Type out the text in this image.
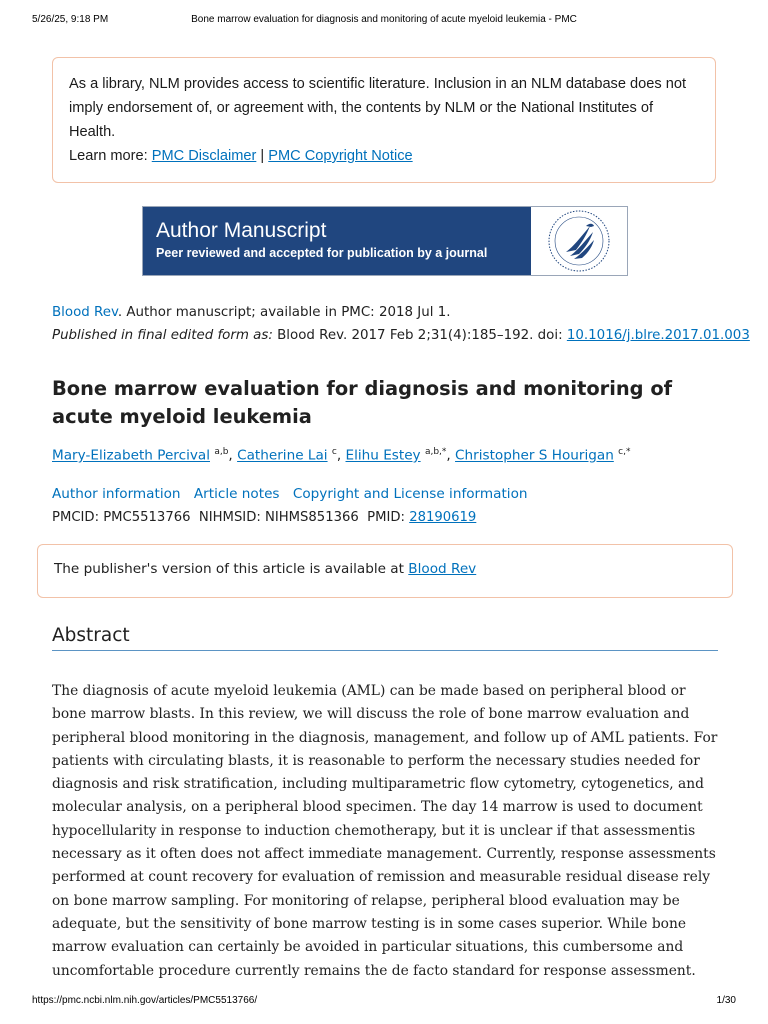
Bone marrow evaluation for diagnosis and monitoring of acute myeloid leukemia - PMC
5/26/25, 9:18 PM
As a library, NLM provides access to scientific literature. Inclusion in an NLM database does not imply endorsement of, or agreement with, the contents by NLM or the National Institutes of Health.
Learn more: PMC Disclaimer | PMC Copyright Notice
Author Manuscript
Peer reviewed and accepted for publication by a journal
Blood Rev. Author manuscript; available in PMC: 2018 Jul 1.
Published in final edited form as: Blood Rev. 2017 Feb 2;31(4):185–192. doi: 10.1016/j.blre.2017.01.003
Bone marrow evaluation for diagnosis and monitoring of acute myeloid leukemia
Mary-Elizabeth Percival $^{a,b}$, Catherine Lai $^c$, Elihu Estey $^{a,b,*}$, Christopher S Hourigan $^{c,*}$
Author information Article notes Copyright and License information
PMCID: PMC5513766 NIHMSID: NIHMS851366 PMID: 28190619
The publisher's version of this article is available at Blood Rev
Abstract

The diagnosis of acute myeloid leukemia (AML) can be made based on peripheral blood or bone marrow blasts. In this review, we will discuss the role of bone marrow evaluation and peripheral blood monitoring in the diagnosis, management, and follow up of AML patients. For patients with circulating blasts, it is reasonable to perform the necessary studies needed for diagnosis and risk stratification, including multiparametric flow cytometry, cytogenetics, and molecular analysis, on a peripheral blood specimen. The day 14 marrow is used to document hypocellularity in response to induction chemotherapy, but it is unclear if that assessmentis necessary as it often does not affect immediate management. Currently, response assessments performed at count recovery for evaluation of remission and measurable residual disease rely on bone marrow sampling. For monitoring of relapse, peripheral blood evaluation may be adequate, but the sensitivity of bone marrow testing is in some cases superior. While bone marrow evaluation can certainly be avoided in particular situations, this cumbersome and uncomfortable procedure currently remains the de facto standard for response assessment.

https://pmc.ncbi.nlm.nih.gov/articles/PMC5513766/	1/30
